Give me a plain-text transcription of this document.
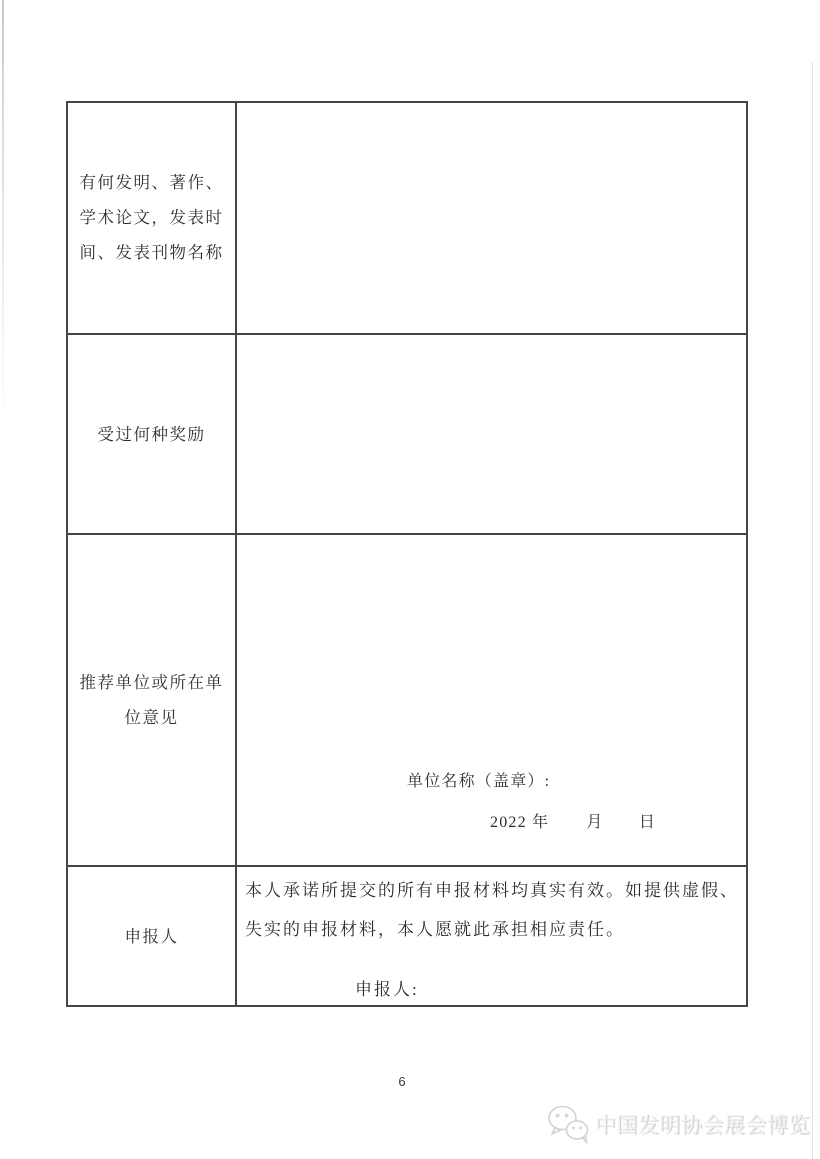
有何发明、著作、
学术论文，发表时
间、发表刊物名称
受过何种奖励
推荐单位或所在单
位意见
单位名称（盖章）:
2022 年 月 日
申报人
本人承诺所提交的所有申报材料均真实有效。如提供虚假、
失实的申报材料，本人愿就此承担相应责任。
申报人:
6
中国发明协会展会博览
